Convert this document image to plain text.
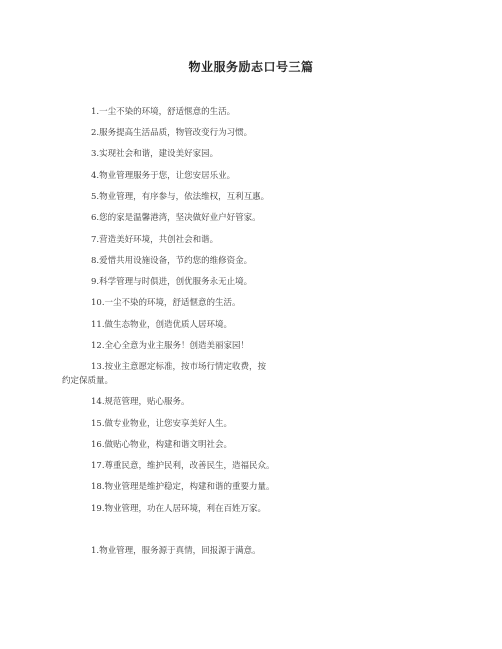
物业服务励志口号三篇
1.一尘不染的环境，舒适惬意的生活。
2.服务提高生活品质，物管改变行为习惯。
3.实现社会和谐，建设美好家园。
4.物业管理服务于您，让您安居乐业。
5.物业管理，有序参与，依法维权，互利互惠。
6.您的家是温馨港湾，坚决做好业户好管家。
7.营造美好环境，共创社会和谐。
8.爱惜共用设施设备，节约您的维修资金。
9.科学管理与时俱进，创优服务永无止境。
10.一尘不染的环境，舒适惬意的生活。
11.做生态物业，创造优质人居环境。
12.全心全意为业主服务！创造美丽家园！
13.按业主意愿定标准，按市场行情定收费，按
约定保质量。
14.规范管理，贴心服务。
15.做专业物业，让您安享美好人生。
16.做贴心物业，构建和谐文明社会。
17.尊重民意，维护民利，改善民生，造福民众。
18.物业管理是维护稳定，构建和谐的重要力量。
19.物业管理，功在人居环境，利在百姓万家。
1.物业管理，服务源于真情，回报源于满意。
